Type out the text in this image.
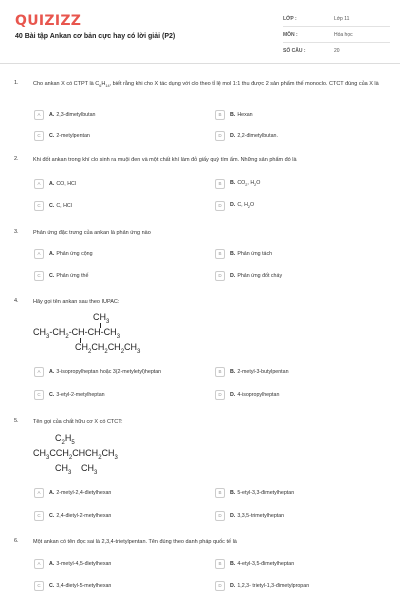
QUIZIZZ
40 Bài tập Ankan cơ bản cực hay có lời giải (P2)
LỚP :	Lớp 11
MÔN :	Hóa học
SỐ CÂU :	20
1.	Cho ankan X có CTPT là $C_6H_{14}$, biết rằng khi cho X tác dụng với clo theo tỉ lệ mol 1:1 thu được 2 sản phẩm thế monoclo. CTCT đúng của X là
A	A. 2,3-đimetylbutan	B	B. Hexan
C	C. 2-metylpentan	D	D. 2,2-đimetylbutan.
2.	Khi đốt ankan trong khí clo sinh ra muội đen và một chất khí làm đỏ giấy quỳ tím ẩm. Những sản phẩm đó là
A	A. CO, HCl	B	B. $CO_2$, $H_2O$
C	C. C, HCl	D	D. C, $H_2O$
3.	Phản ứng đặc trưng của ankan là phản ứng nào
A	A. Phản ứng cộng	B	B. Phản ứng tách
C	C. Phản ứng thế	D	D. Phản ứng đốt cháy
4.	Hãy gọi tên ankan sau theo IUPAC:
$CH_3$
$CH_3-CH_2-CH-CH-CH_3$
$CH_2CH_2CH_2CH_3$
A	A. 3-isopropylheptan hoặc 3(2-metyletyl)heptan	B	B. 2-metyl-3-butylpentan
C	C. 3-etyl-2-metylheptan	D	D. 4-isopropylheptan
5.	Tên gọi của chất hữu cơ X có CTCT:
$C_2H_5$
$CH_3CCH_2CHCH_2CH_3$
$CH_3$ $CH_3$
A	A. 2-metyl-2,4-đietylhexan	B	B. 5-etyl-3,3-đimetylheptan
C	C. 2,4-đietyl-2-metylhexan	D	D. 3,3,5-trimetylheptan
6.	Một ankan có tên đọc sai là 2,3,4-trietylpentan. Tên đúng theo danh pháp quốc tế là
A	A. 3-metyl-4,5-đietylhexan	B	B. 4-etyl-3,5-đimetylheptan
C	C. 3,4-đietyl-5-metylhexan	D	D. 1,2,3- trietyl-1,3-đimetylpropan
